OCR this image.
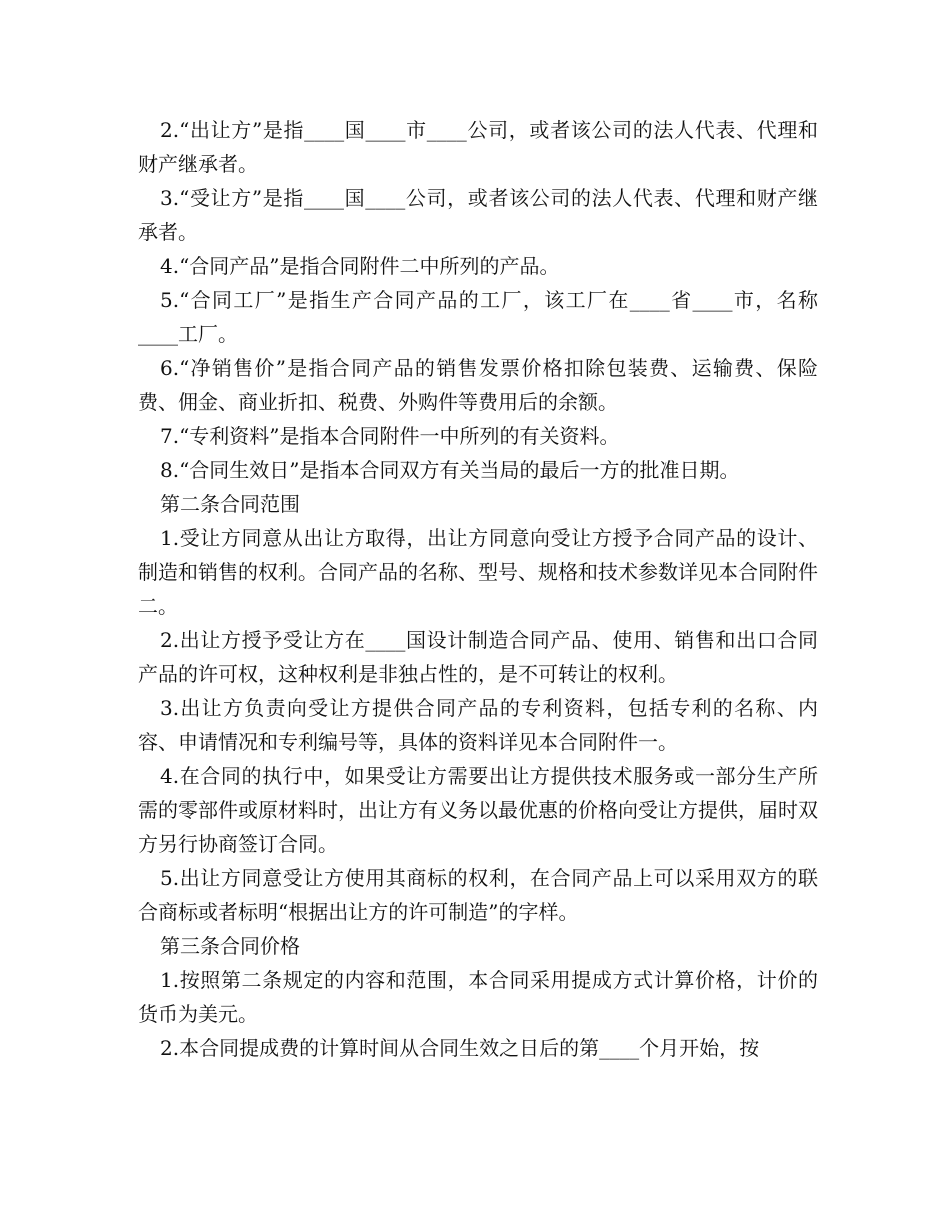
2.“出让方”是指____国____市____公司，或者该公司的法人代表、代理和财产继承者。

3.“受让方”是指____国____公司，或者该公司的法人代表、代理和财产继承者。

4.“合同产品”是指合同附件二中所列的产品。

5.“合同工厂”是指生产合同产品的工厂，该工厂在____省____市，名称____工厂。

6.“净销售价”是指合同产品的销售发票价格扣除包装费、运输费、保险费、佣金、商业折扣、税费、外购件等费用后的余额。

7.“专利资料”是指本合同附件一中所列的有关资料。

8.“合同生效日”是指本合同双方有关当局的最后一方的批准日期。

第二条合同范围

1.受让方同意从出让方取得，出让方同意向受让方授予合同产品的设计、制造和销售的权利。合同产品的名称、型号、规格和技术参数详见本合同附件二。

2.出让方授予受让方在____国设计制造合同产品、使用、销售和出口合同产品的许可权，这种权利是非独占性的，是不可转让的权利。

3.出让方负责向受让方提供合同产品的专利资料，包括专利的名称、内容、申请情况和专利编号等，具体的资料详见本合同附件一。

4.在合同的执行中，如果受让方需要出让方提供技术服务或一部分生产所需的零部件或原材料时，出让方有义务以最优惠的价格向受让方提供，届时双方另行协商签订合同。

5.出让方同意受让方使用其商标的权利，在合同产品上可以采用双方的联合商标或者标明“根据出让方的许可制造”的字样。

第三条合同价格

1.按照第二条规定的内容和范围，本合同采用提成方式计算价格，计价的货币为美元。

2.本合同提成费的计算时间从合同生效之日后的第____个月开始，按
